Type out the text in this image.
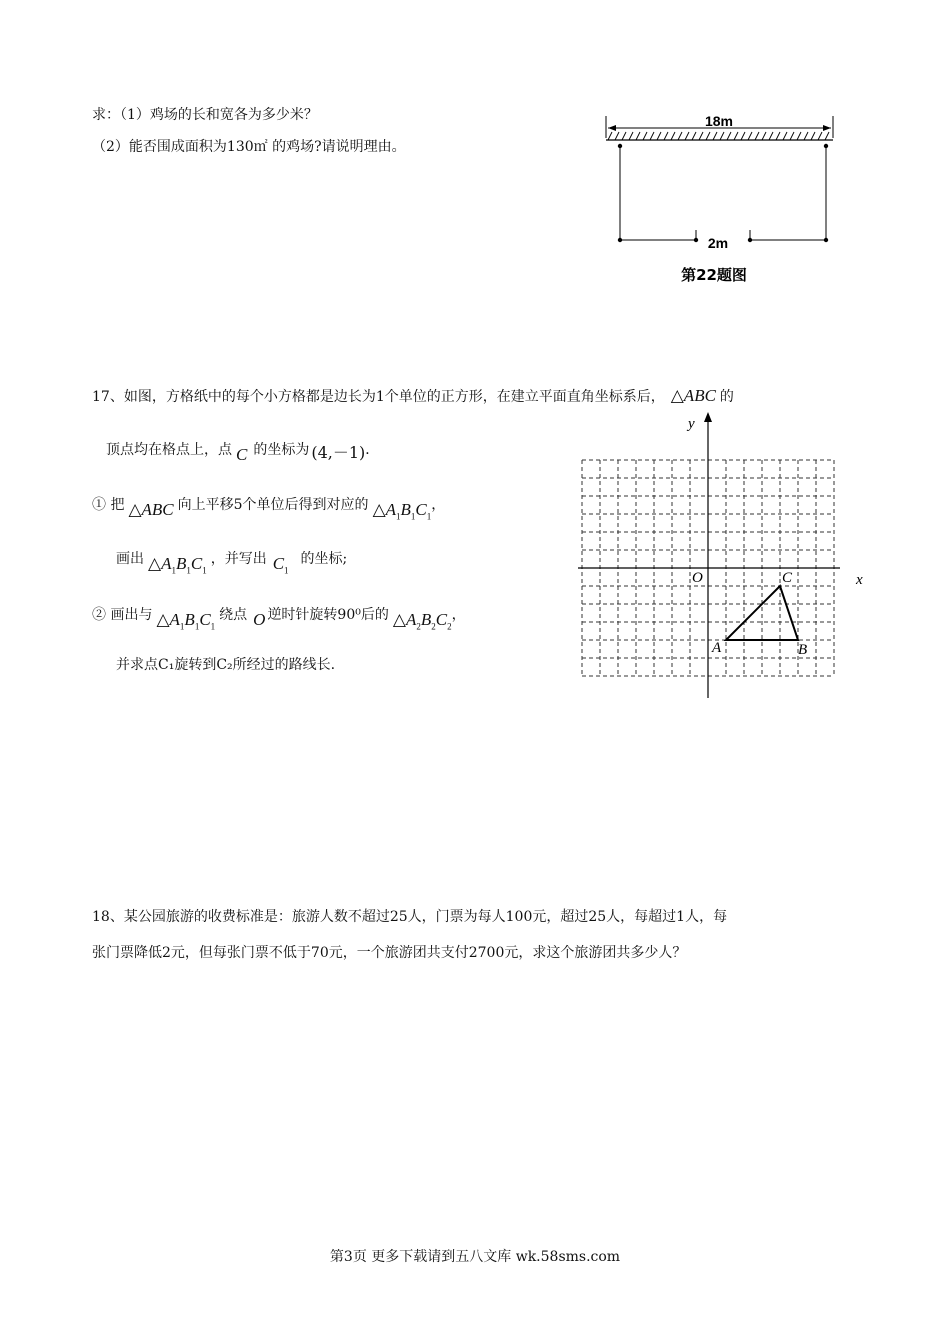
求：（1）鸡场的长和宽各为多少米？
（2）能否围成面积为130㎡ 的鸡场?请说明理由。
18m
2m
第22题图
17、如图，方格纸中的每个小方格都是边长为1个单位的正方形，在建立平面直角坐标系后， △ABC 的
顶点均在格点上，点 C 的坐标为 (4,－1)．
① 把 △ABC 向上平移5个单位后得到对应的 $\triangle A_1B_1C_1$，
画出 $\triangle A_1B_1C_1$，并写出 $C_1$的坐标;
② 画出与 $\triangle A_1B_1C_1$绕点 O 逆时针旋转90⁰后的 $\triangle A_2B_2C_2$，
并求点C₁旋转到C₂所经过的路线长.
y
x
O
A	B
C
18、某公园旅游的收费标准是：旅游人数不超过25人，门票为每人100元，超过25人，每超过1人，每
张门票降低2元，但每张门票不低于70元，一个旅游团共支付2700元，求这个旅游团共多少人？
第3页 更多下载请到五八文库 wk.58sms.com
